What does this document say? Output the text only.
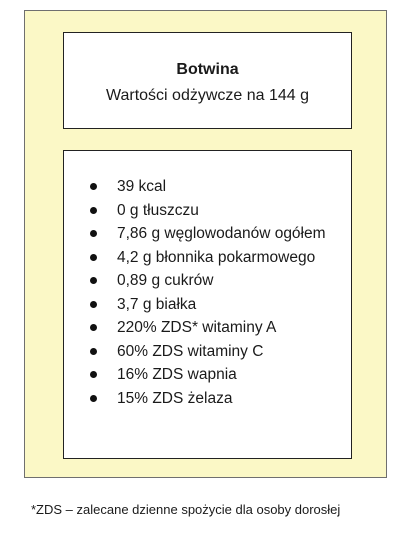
Botwina
Wartości odżywcze na 144 g
39 kcal
0 g tłuszczu
7,86 g węglowodanów ogółem
4,2 g błonnika pokarmowego
0,89 g cukrów
3,7 g białka
220% ZDS* witaminy A
60% ZDS witaminy C
16% ZDS wapnia
15% ZDS żelaza
*ZDS – zalecane dzienne spożycie dla osoby dorosłej
